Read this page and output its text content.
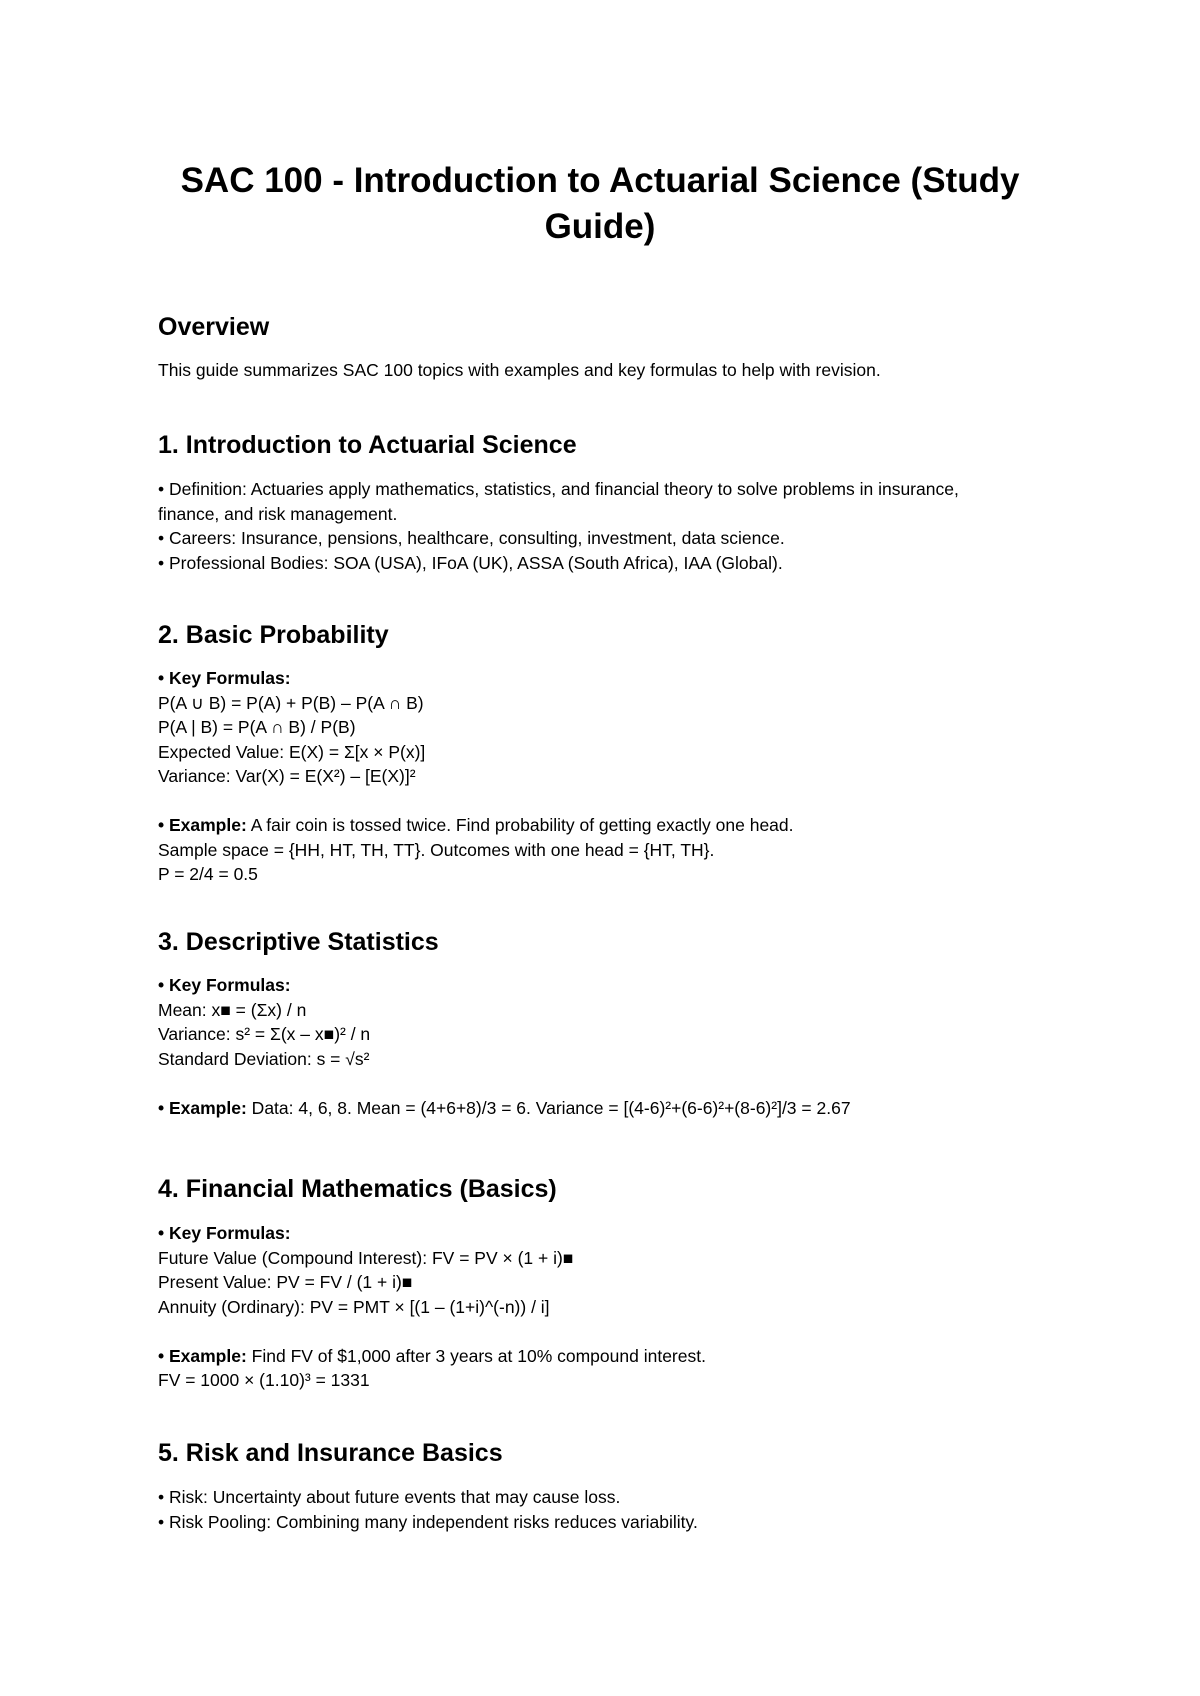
SAC 100 - Introduction to Actuarial Science (Study Guide)
Overview
This guide summarizes SAC 100 topics with examples and key formulas to help with revision.
1. Introduction to Actuarial Science
• Definition: Actuaries apply mathematics, statistics, and financial theory to solve problems in insurance, finance, and risk management.
• Careers: Insurance, pensions, healthcare, consulting, investment, data science.
• Professional Bodies: SOA (USA), IFoA (UK), ASSA (South Africa), IAA (Global).
2. Basic Probability
• Key Formulas:
P(A ∪ B) = P(A) + P(B) – P(A ∩ B)
P(A | B) = P(A ∩ B) / P(B)
Expected Value: E(X) = Σ[x × P(x)]
Variance: Var(X) = E(X²) – [E(X)]²
• Example: A fair coin is tossed twice. Find probability of getting exactly one head.
Sample space = {HH, HT, TH, TT}. Outcomes with one head = {HT, TH}.
P = 2/4 = 0.5
3. Descriptive Statistics
• Key Formulas:
Mean: x■ = (Σx) / n
Variance: s² = Σ(x – x■)² / n
Standard Deviation: s = √s²
• Example: Data: 4, 6, 8. Mean = (4+6+8)/3 = 6. Variance = [(4-6)²+(6-6)²+(8-6)²]/3 = 2.67
4. Financial Mathematics (Basics)
• Key Formulas:
Future Value (Compound Interest): FV = PV × (1 + i)■
Present Value: PV = FV / (1 + i)■
Annuity (Ordinary): PV = PMT × [(1 – (1+i)^(-n)) / i]
• Example: Find FV of $1,000 after 3 years at 10% compound interest.
FV = 1000 × (1.10)³ = 1331
5. Risk and Insurance Basics
• Risk: Uncertainty about future events that may cause loss.
• Risk Pooling: Combining many independent risks reduces variability.
